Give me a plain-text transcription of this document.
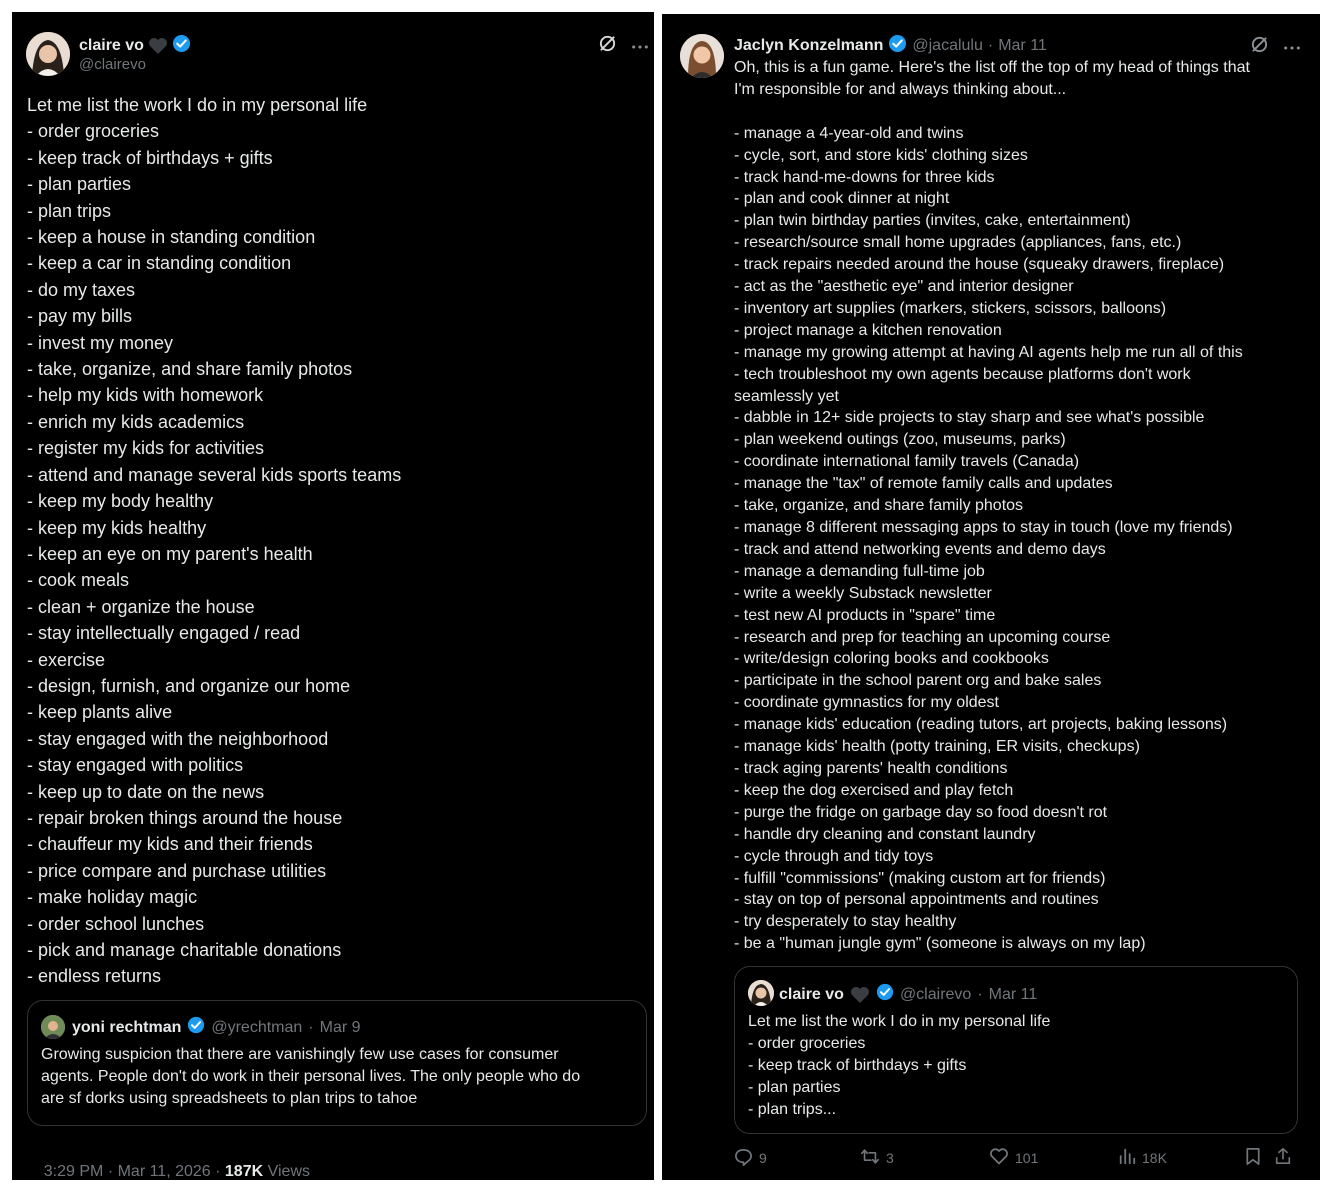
claire vo
@clairevo
Let me list the work I do in my personal life
- order groceries
- keep track of birthdays + gifts
- plan parties
- plan trips
- keep a house in standing condition
- keep a car in standing condition
- do my taxes
- pay my bills
- invest my money
- take, organize, and share family photos
- help my kids with homework
- enrich my kids academics
- register my kids for activities
- attend and manage several kids sports teams
- keep my body healthy
- keep my kids healthy
- keep an eye on my parent's health
- cook meals
- clean + organize the house
- stay intellectually engaged / read
- exercise
- design, furnish, and organize our home
- keep plants alive
- stay engaged with the neighborhood
- stay engaged with politics
- keep up to date on the news
- repair broken things around the house
- chauffeur my kids and their friends
- price compare and purchase utilities
- make holiday magic
- order school lunches
- pick and manage charitable donations
- endless returns
yoni rechtman @yrechtman · Mar 9
Growing suspicion that there are vanishingly few use cases for consumer
agents. People don't do work in their personal lives. The only people who do
are sf dorks using spreadsheets to plan trips to tahoe

3:29 PM · Mar 11, 2026 · 187K Views

Jaclyn Konzelmann @jacalulu · Mar 11
Oh, this is a fun game. Here's the list off the top of my head of things that
I'm responsible for and always thinking about...
- manage a 4-year-old and twins
- cycle, sort, and store kids' clothing sizes
- track hand-me-downs for three kids
- plan and cook dinner at night
- plan twin birthday parties (invites, cake, entertainment)
- research/source small home upgrades (appliances, fans, etc.)
- track repairs needed around the house (squeaky drawers, fireplace)
- act as the "aesthetic eye" and interior designer
- inventory art supplies (markers, stickers, scissors, balloons)
- project manage a kitchen renovation
- manage my growing attempt at having AI agents help me run all of this
- tech troubleshoot my own agents because platforms don't work
seamlessly yet
- dabble in 12+ side projects to stay sharp and see what's possible
- plan weekend outings (zoo, museums, parks)
- coordinate international family travels (Canada)
- manage the "tax" of remote family calls and updates
- take, organize, and share family photos
- manage 8 different messaging apps to stay in touch (love my friends)
- track and attend networking events and demo days
- manage a demanding full-time job
- write a weekly Substack newsletter
- test new AI products in "spare" time
- research and prep for teaching an upcoming course
- write/design coloring books and cookbooks
- participate in the school parent org and bake sales
- coordinate gymnastics for my oldest
- manage kids' education (reading tutors, art projects, baking lessons)
- manage kids' health (potty training, ER visits, checkups)
- track aging parents' health conditions
- keep the dog exercised and play fetch
- purge the fridge on garbage day so food doesn't rot
- handle dry cleaning and constant laundry
- cycle through and tidy toys
- fulfill "commissions" (making custom art for friends)
- stay on top of personal appointments and routines
- try desperately to stay healthy
- be a "human jungle gym" (someone is always on my lap)
claire vo	@clairevo · Mar 11
Let me list the work I do in my personal life
- order groceries
- keep track of birthdays + gifts
- plan parties
- plan trips...
9	3	101	18K
